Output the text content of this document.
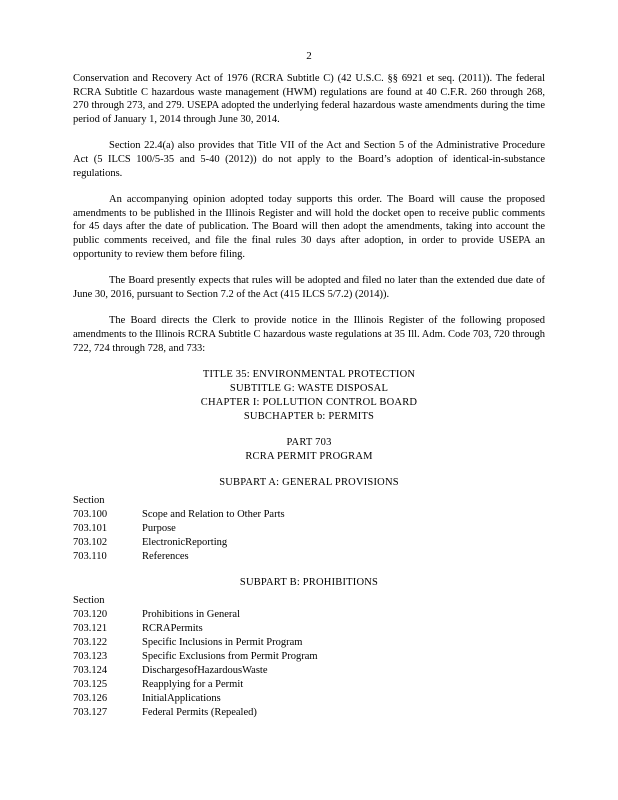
2

Conservation and Recovery Act of 1976 (RCRA Subtitle C) (42 U.S.C. §§ 6921 et seq. (2011)). The federal RCRA Subtitle C hazardous waste management (HWM) regulations are found at 40 C.F.R. 260 through 268, 270 through 273, and 279. USEPA adopted the underlying federal hazardous waste amendments during the time period of January 1, 2014 through June 30, 2014.

Section 22.4(a) also provides that Title VII of the Act and Section 5 of the Administrative Procedure Act (5 ILCS 100/5-35 and 5-40 (2012)) do not apply to the Board’s adoption of identical-in-substance regulations.

An accompanying opinion adopted today supports this order. The Board will cause the proposed amendments to be published in the Illinois Register and will hold the docket open to receive public comments for 45 days after the date of publication. The Board will then adopt the amendments, taking into account the public comments received, and file the final rules 30 days after adoption, in order to provide USEPA an opportunity to review them before filing.

The Board presently expects that rules will be adopted and filed no later than the extended due date of June 30, 2016, pursuant to Section 7.2 of the Act (415 ILCS 5/7.2) (2014)).

The Board directs the Clerk to provide notice in the Illinois Register of the following proposed amendments to the Illinois RCRA Subtitle C hazardous waste regulations at 35 Ill. Adm. Code 703, 720 through 722, 724 through 728, and 733:

TITLE 35: ENVIRONMENTAL PROTECTION
SUBTITLE G: WASTE DISPOSAL
CHAPTER I: POLLUTION CONTROL BOARD
SUBCHAPTER b: PERMITS
PART 703
RCRA PERMIT PROGRAM
SUBPART A: GENERAL PROVISIONS
Section
703.100	Scope and Relation to Other Parts
703.101	Purpose
703.102	ElectronicReporting
703.110	References
SUBPART B: PROHIBITIONS
Section
703.120	Prohibitions in General
703.121	RCRAPermits
703.122	Specific Inclusions in Permit Program
703.123	Specific Exclusions from Permit Program
703.124	DischargesofHazardousWaste
703.125	Reapplying for a Permit
703.126	InitialApplications
703.127	Federal Permits (Repealed)
